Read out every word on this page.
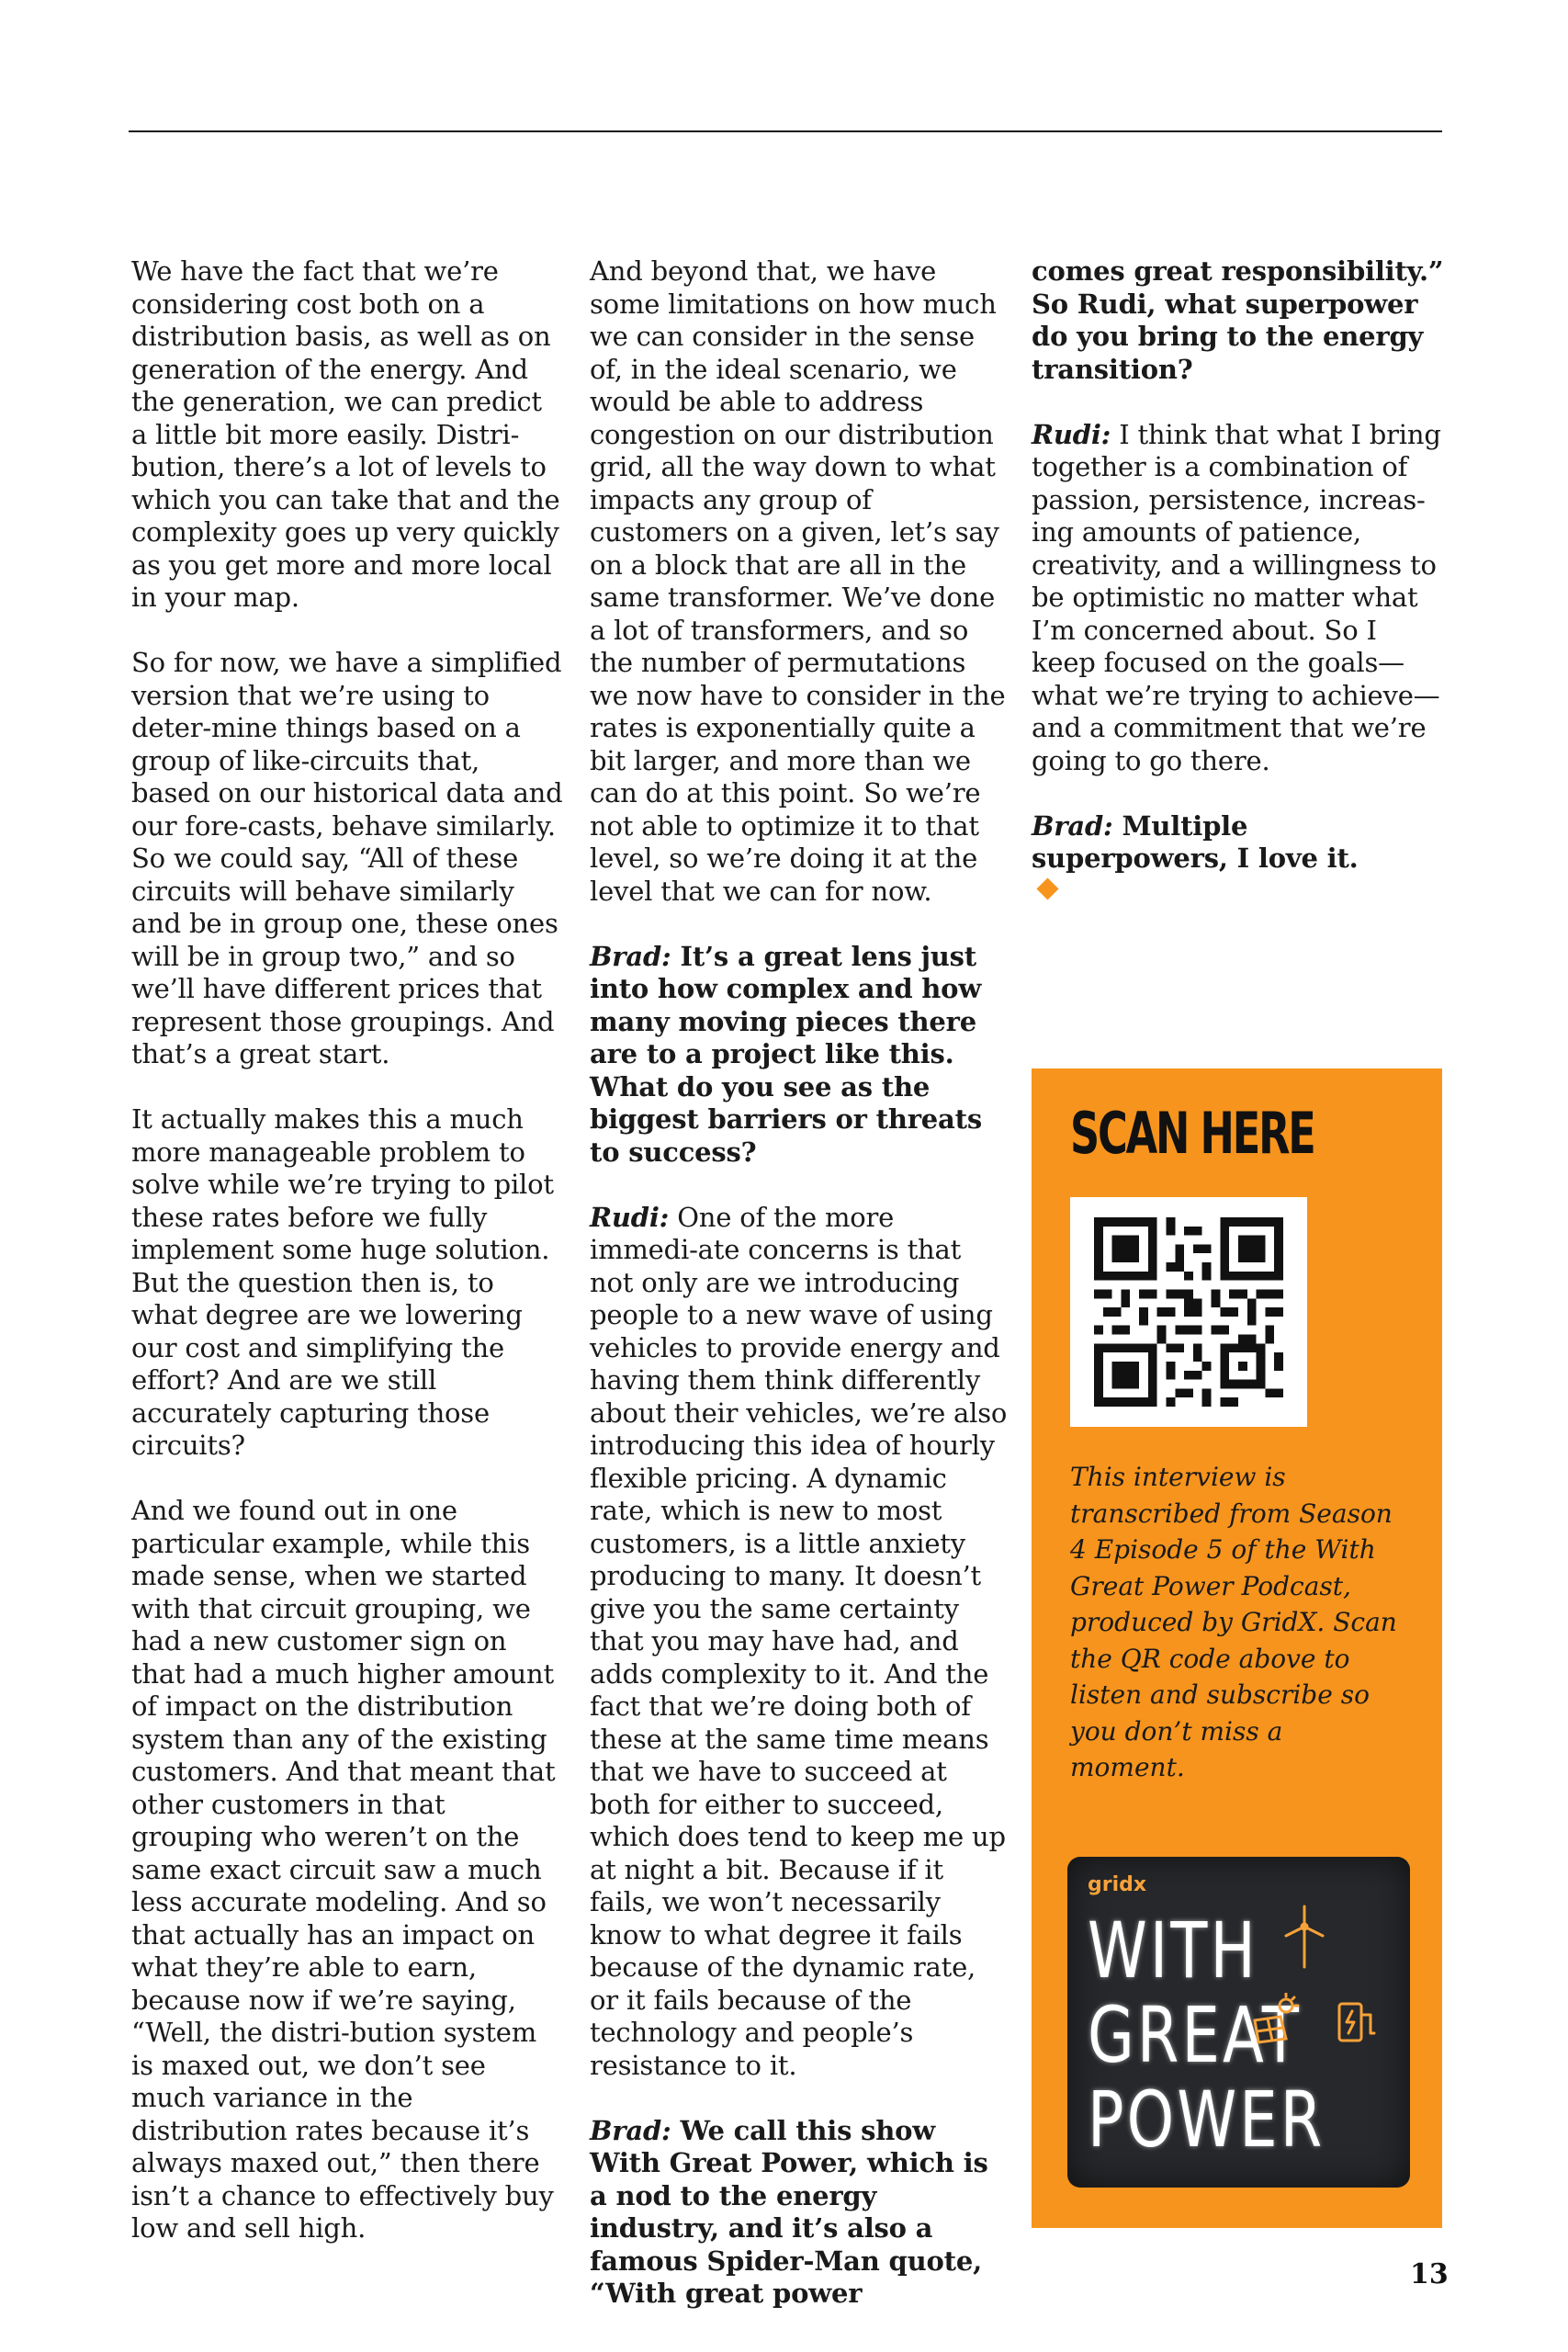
We have the fact that we’re considering cost both on a distribution basis, as well as on generation of the energy. And the generation, we can predict a little bit more easily. Distri-bution, there’s a lot of levels to which you can take that and the complexity goes up very quickly as you get more and more local in your map.

So for now, we have a simplified version that we’re using to deter-mine things based on a group of like-circuits that, based on our historical data and our fore-casts, behave similarly. So we could say, “All of these circuits will behave similarly and be in group one, these ones will be in group two,” and so we’ll have different prices that represent those groupings. And that’s a great start.

It actually makes this a much more manageable problem to solve while we’re trying to pilot these rates before we fully implement some huge solution. But the question then is, to what degree are we lowering our cost and simplifying the effort? And are we still accurately capturing those circuits?

And we found out in one particular example, while this made sense, when we started with that circuit grouping, we had a new customer sign on that had a much higher amount of impact on the distribution system than any of the existing customers. And that meant that other customers in that grouping who weren’t on the same exact circuit saw a much less accurate modeling. And so that actually has an impact on what they’re able to earn, because now if we’re saying, “Well, the distri-bution system is maxed out, we don’t see much variance in the distribution rates because it’s always maxed out,” then there isn’t a chance to effectively buy low and sell high.

And beyond that, we have some limitations on how much we can consider in the sense of, in the ideal scenario, we would be able to address congestion on our distribution grid, all the way down to what impacts any group of customers on a given, let’s say on a block that are all in the same transformer. We’ve done a lot of transformers, and so the number of permutations we now have to consider in the rates is exponentially quite a bit larger, and more than we can do at this point. So we’re not able to optimize it to that level, so we’re doing it at the level that we can for now.

Brad: It’s a great lens just into how complex and how many moving pieces there are to a project like this. What do you see as the biggest barriers or threats to success?

Rudi: One of the more immedi-ate concerns is that not only are we introducing people to a new wave of using vehicles to provide energy and having them think differently about their vehicles, we’re also introducing this idea of hourly flexible pricing. A dynamic rate, which is new to most customers, is a little anxiety producing to many. It doesn’t give you the same certainty that you may have had, and adds complexity to it. And the fact that we’re doing both of these at the same time means that we have to succeed at both for either to succeed, which does tend to keep me up at night a bit. Because if it fails, we won’t necessarily know to what degree it fails because of the dynamic rate, or it fails because of the technology and people’s resistance to it.

Brad: We call this show With Great Power, which is a nod to the energy industry, and it’s also a famous Spider-Man quote, “With great power

comes great responsibility.” So Rudi, what superpower do you bring to the energy transition?

Rudi: I think that what I bring together is a combination of passion, persistence, increas-ing amounts of patience, creativity, and a willingness to be optimistic no matter what I’m concerned about. So I keep focused on the goals—what we’re trying to achieve—and a commitment that we’re going to go there.

Brad: Multiple superpowers, I love it.

SCAN HERE
This interview is transcribed from Season 4 Episode 5 of the With Great Power Podcast, produced by GridX. Scan the QR code above to listen and subscribe so you don’t miss a moment.
gridx
WITH
GREAT
POWER
13
